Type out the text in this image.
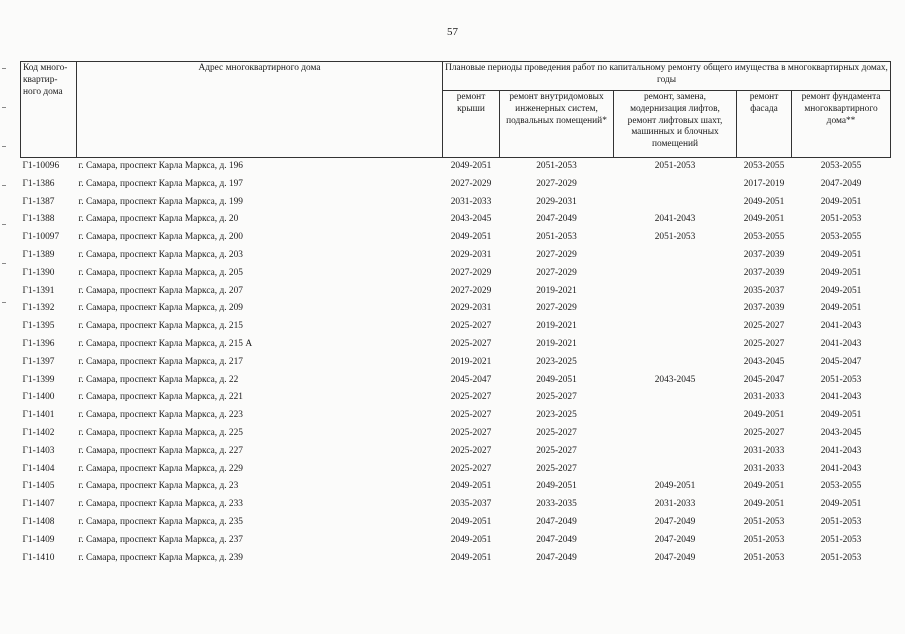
57
Код много-квартир-ного дома	Адрес многоквартирного дома	Плановые периоды проведения работ по капитальному ремонту общего имущества в многоквартирных домах, годы				
		ремонт крыши	ремонт внутридомовых инженерных систем, подвальных помещений*	ремонт, замена, модернизация лифтов, ремонт лифтовых шахт, машинных и блочных помещений	ремонт фасада	ремонт фундамента многоквартирного дома**
Г1-10096	г. Самара, проспект Карла Маркса, д. 196	2049-2051	2051-2053	2051-2053	2053-2055	2053-2055
Г1-1386	г. Самара, проспект Карла Маркса, д. 197	2027-2029	2027-2029		2017-2019	2047-2049
Г1-1387	г. Самара, проспект Карла Маркса, д. 199	2031-2033	2029-2031		2049-2051	2049-2051
Г1-1388	г. Самара, проспект Карла Маркса, д. 20	2043-2045	2047-2049	2041-2043	2049-2051	2051-2053
Г1-10097	г. Самара, проспект Карла Маркса, д. 200	2049-2051	2051-2053	2051-2053	2053-2055	2053-2055
Г1-1389	г. Самара, проспект Карла Маркса, д. 203	2029-2031	2027-2029		2037-2039	2049-2051
Г1-1390	г. Самара, проспект Карла Маркса, д. 205	2027-2029	2027-2029		2037-2039	2049-2051
Г1-1391	г. Самара, проспект Карла Маркса, д. 207	2027-2029	2019-2021		2035-2037	2049-2051
Г1-1392	г. Самара, проспект Карла Маркса, д. 209	2029-2031	2027-2029		2037-2039	2049-2051
Г1-1395	г. Самара, проспект Карла Маркса, д. 215	2025-2027	2019-2021		2025-2027	2041-2043
Г1-1396	г. Самара, проспект Карла Маркса, д. 215 А	2025-2027	2019-2021		2025-2027	2041-2043
Г1-1397	г. Самара, проспект Карла Маркса, д. 217	2019-2021	2023-2025		2043-2045	2045-2047
Г1-1399	г. Самара, проспект Карла Маркса, д. 22	2045-2047	2049-2051	2043-2045	2045-2047	2051-2053
Г1-1400	г. Самара, проспект Карла Маркса, д. 221	2025-2027	2025-2027		2031-2033	2041-2043
Г1-1401	г. Самара, проспект Карла Маркса, д. 223	2025-2027	2023-2025		2049-2051	2049-2051
Г1-1402	г. Самара, проспект Карла Маркса, д. 225	2025-2027	2025-2027		2025-2027	2043-2045
Г1-1403	г. Самара, проспект Карла Маркса, д. 227	2025-2027	2025-2027		2031-2033	2041-2043
Г1-1404	г. Самара, проспект Карла Маркса, д. 229	2025-2027	2025-2027		2031-2033	2041-2043
Г1-1405	г. Самара, проспект Карла Маркса, д. 23	2049-2051	2049-2051	2049-2051	2049-2051	2053-2055
Г1-1407	г. Самара, проспект Карла Маркса, д. 233	2035-2037	2033-2035	2031-2033	2049-2051	2049-2051
Г1-1408	г. Самара, проспект Карла Маркса, д. 235	2049-2051	2047-2049	2047-2049	2051-2053	2051-2053
Г1-1409	г. Самара, проспект Карла Маркса, д. 237	2049-2051	2047-2049	2047-2049	2051-2053	2051-2053
Г1-1410	г. Самара, проспект Карла Маркса, д. 239	2049-2051	2047-2049	2047-2049	2051-2053	2051-2053
